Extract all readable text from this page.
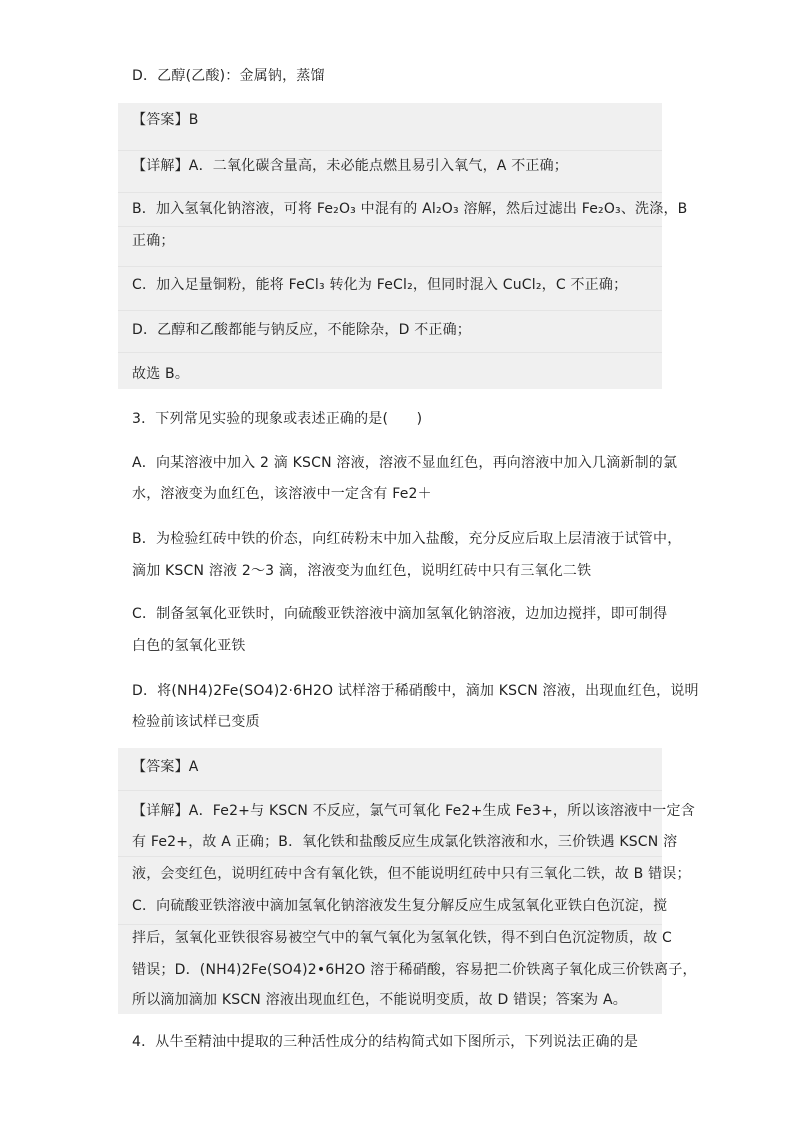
D．乙醇(乙酸)：金属钠，蒸馏
【答案】B
【详解】A．二氧化碳含量高，未必能点燃且易引入氧气，A 不正确；
B．加入氢氧化钠溶液，可将 Fe₂O₃ 中混有的 Al₂O₃ 溶解，然后过滤出 Fe₂O₃、洗涤，B
正确；
C．加入足量铜粉，能将 FeCl₃ 转化为 FeCl₂，但同时混入 CuCl₂，C 不正确；
D．乙醇和乙酸都能与钠反应，不能除杂，D 不正确；
故选 B。
3．下列常见实验的现象或表述正确的是(　　)
A．向某溶液中加入 2 滴 KSCN 溶液，溶液不显血红色，再向溶液中加入几滴新制的氯
水，溶液变为血红色，该溶液中一定含有 Fe2＋
B．为检验红砖中铁的价态，向红砖粉末中加入盐酸，充分反应后取上层清液于试管中，
滴加 KSCN 溶液 2～3 滴，溶液变为血红色，说明红砖中只有三氧化二铁
C．制备氢氧化亚铁时，向硫酸亚铁溶液中滴加氢氧化钠溶液，边加边搅拌，即可制得
白色的氢氧化亚铁
D．将(NH4)2Fe(SO4)2·6H2O 试样溶于稀硝酸中，滴加 KSCN 溶液，出现血红色，说明
检验前该试样已变质
【答案】A
【详解】A．Fe2+与 KSCN 不反应，氯气可氧化 Fe2+生成 Fe3+，所以该溶液中一定含
有 Fe2+，故 A 正确；B．氧化铁和盐酸反应生成氯化铁溶液和水，三价铁遇 KSCN 溶
液，会变红色，说明红砖中含有氧化铁，但不能说明红砖中只有三氧化二铁，故 B 错误；
C．向硫酸亚铁溶液中滴加氢氧化钠溶液发生复分解反应生成氢氧化亚铁白色沉淀，搅
拌后，氢氧化亚铁很容易被空气中的氧气氧化为氢氧化铁，得不到白色沉淀物质，故 C
错误；D．(NH4)2Fe(SO4)2•6H2O 溶于稀硝酸，容易把二价铁离子氧化成三价铁离子，
所以滴加滴加 KSCN 溶液出现血红色，不能说明变质，故 D 错误；答案为 A。
4．从牛至精油中提取的三种活性成分的结构简式如下图所示，下列说法正确的是
